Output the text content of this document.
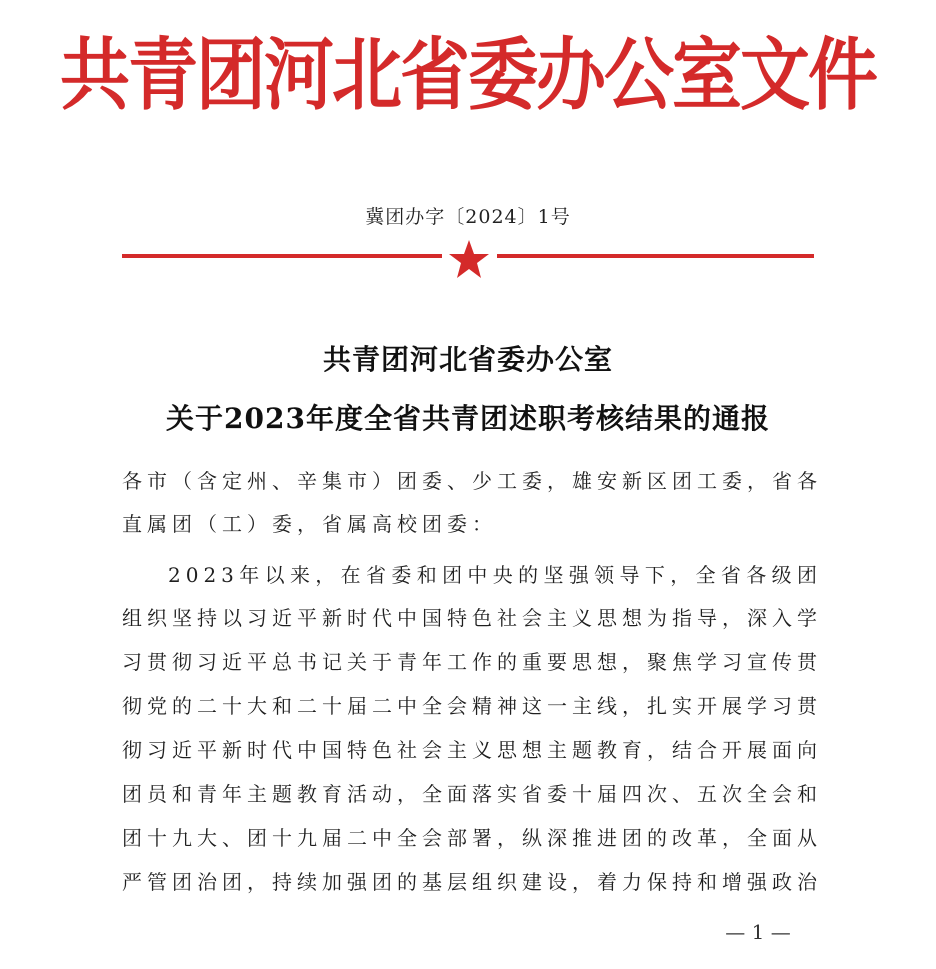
共青团河北省委办公室文件
冀团办字〔2024〕1号
共青团河北省委办公室
关于2023年度全省共青团述职考核结果的通报
各市（含定州、辛集市）团委、少工委，雄安新区团工委，省各
直属团（工）委，省属高校团委：
2023年以来，在省委和团中央的坚强领导下，全省各级团
组织坚持以习近平新时代中国特色社会主义思想为指导，深入学
习贯彻习近平总书记关于青年工作的重要思想，聚焦学习宣传贯
彻党的二十大和二十届二中全会精神这一主线，扎实开展学习贯
彻习近平新时代中国特色社会主义思想主题教育，结合开展面向
团员和青年主题教育活动，全面落实省委十届四次、五次全会和
团十九大、团十九届二中全会部署，纵深推进团的改革，全面从
严管团治团，持续加强团的基层组织建设，着力保持和增强政治
— 1 —
